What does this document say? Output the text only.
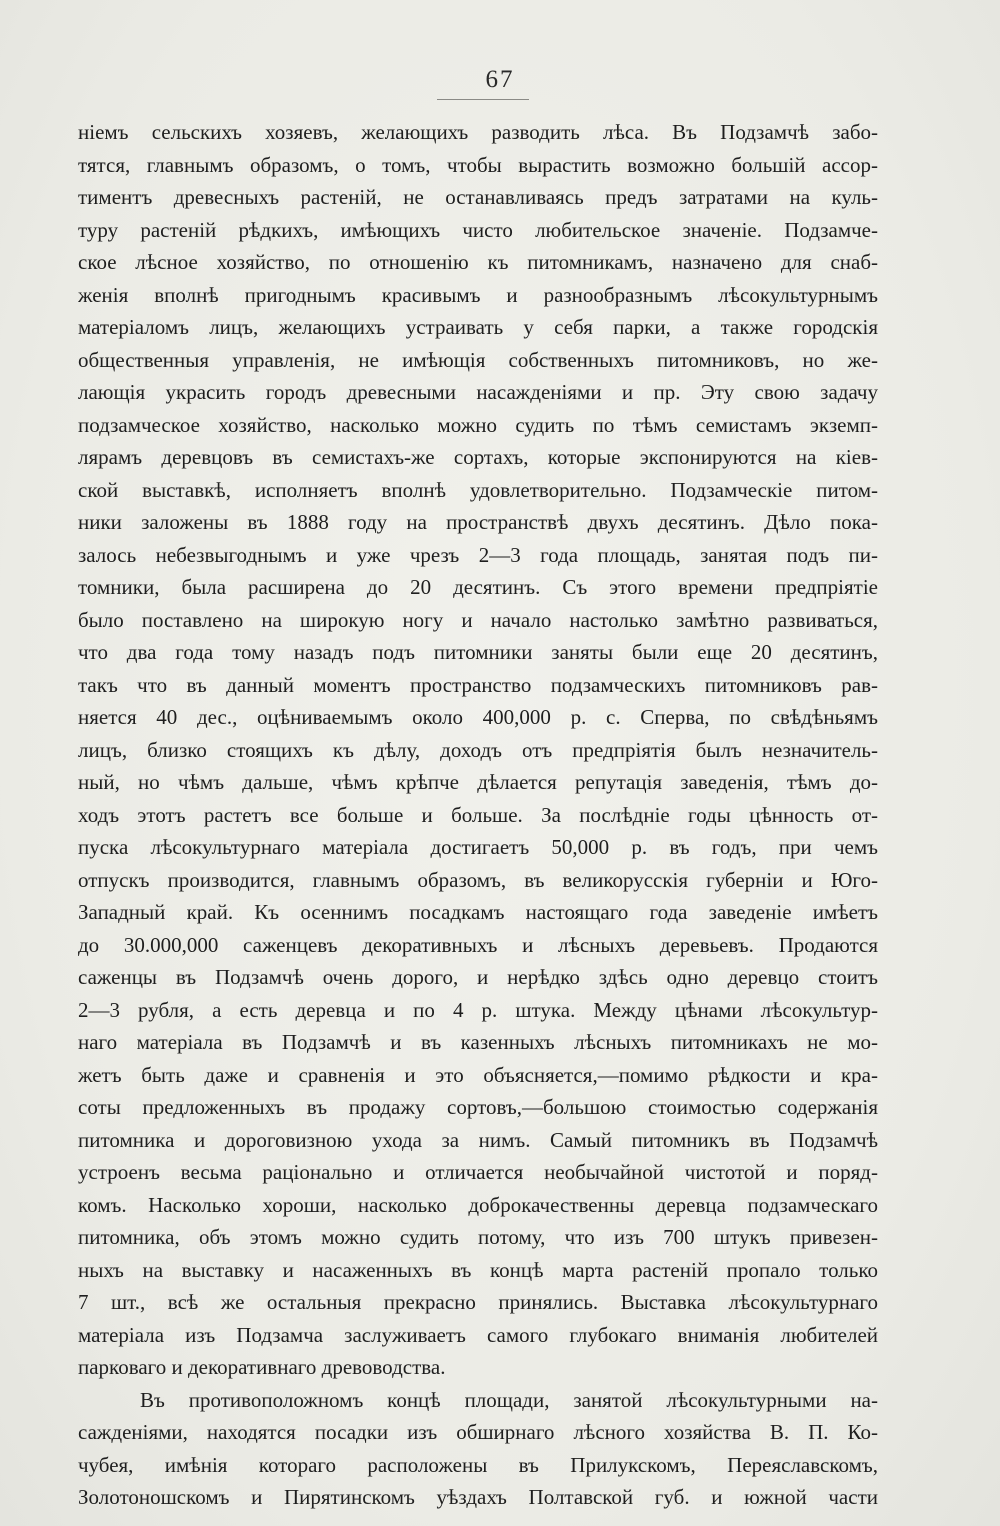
67
нiемъ сельскихъ хозяевъ, желающихъ разводить лѣса. Въ Подзамчѣ забо-
тятся, главнымъ образомъ, о томъ, чтобы вырастить возможно большiй ассор-
тиментъ древесныхъ растенiй, не останавливаясь предъ затратами на куль-
туру растенiй рѣдкихъ, имѣющихъ чисто любительское значенiе. Подзамче-
ское лѣсное хозяйство, по отношенiю къ питомникамъ, назначено для снаб-
женiя вполнѣ пригоднымъ красивымъ и разнообразнымъ лѣсокультурнымъ
матерiаломъ лицъ, желающихъ устраивать у себя парки, а также городскiя
общественныя управленiя, не имѣющiя собственныхъ питомниковъ, но же-
лающiя украсить городъ древесными насажденiями и пр. Эту свою задачу
подзамческое хозяйство, насколько можно судить по тѣмъ семистамъ экземп-
лярамъ деревцовъ въ семистахъ-же сортахъ, которые экспонируются на кiев-
ской выставкѣ, исполняетъ вполнѣ удовлетворительно. Подзамческiе питом-
ники заложены въ 1888 году на пространствѣ двухъ десятинъ. Дѣло пока-
залось небезвыгоднымъ и уже чрезъ 2—3 года площадь, занятая подъ пи-
томники, была расширена до 20 десятинъ. Съ этого времени предпрiятiе
было поставлено на широкую ногу и начало настолько замѣтно развиваться,
что два года тому назадъ подъ питомники заняты были еще 20 десятинъ,
такъ что въ данный моментъ пространство подзамческихъ питомниковъ рав-
няется 40 дес., оцѣниваемымъ около 400,000 р. с. Сперва, по свѣдѣньямъ
лицъ, близко стоящихъ къ дѣлу, доходъ отъ предпрiятiя былъ незначитель-
ный, но чѣмъ дальше, чѣмъ крѣпче дѣлается репутацiя заведенiя, тѣмъ до-
ходъ этотъ растетъ все больше и больше. За послѣднiе годы цѣнность от-
пуска лѣсокультурнаго матерiала достигаетъ 50,000 р. въ годъ, при чемъ
отпускъ производится, главнымъ образомъ, въ великорусскiя губернiи и Юго-
Западный край. Къ осеннимъ посадкамъ настоящаго года заведенiе имѣетъ
до 30.000,000 саженцевъ декоративныхъ и лѣсныхъ деревьевъ. Продаются
саженцы въ Подзамчѣ очень дорого, и нерѣдко здѣсь одно деревцо стоитъ
2—3 рубля, а есть деревца и по 4 р. штука. Между цѣнами лѣсокультур-
наго матерiала въ Подзамчѣ и въ казенныхъ лѣсныхъ питомникахъ не мо-
жетъ быть даже и сравненiя и это объясняется,—помимо рѣдкости и кра-
соты предложенныхъ въ продажу сортовъ,—большою стоимостью содержанiя
питомника и дороговизною ухода за нимъ. Самый питомникъ въ Подзамчѣ
устроенъ весьма рацiонально и отличается необычайной чистотой и поряд-
комъ. Насколько хороши, насколько доброкачественны деревца подзамческаго
питомника, объ этомъ можно судить потому, что изъ 700 штукъ привезен-
ныхъ на выставку и насаженныхъ въ концѣ марта растенiй пропало только
7 шт., всѣ же остальныя прекрасно принялись. Выставка лѣсокультурнаго
матерiала изъ Подзамча заслуживаетъ самого глубокаго вниманiя любителей
парковаго и декоративнаго древоводства.
Въ противоположномъ концѣ площади, занятой лѣсокультурными на-
сажденiями, находятся посадки изъ обширнаго лѣсного хозяйства В. П. Ко-
чубея, имѣнiя котораго расположены въ Прилукскомъ, Переяславскомъ,
Золотоношскомъ и Пирятинскомъ уѣздахъ Полтавской губ. и южной части
